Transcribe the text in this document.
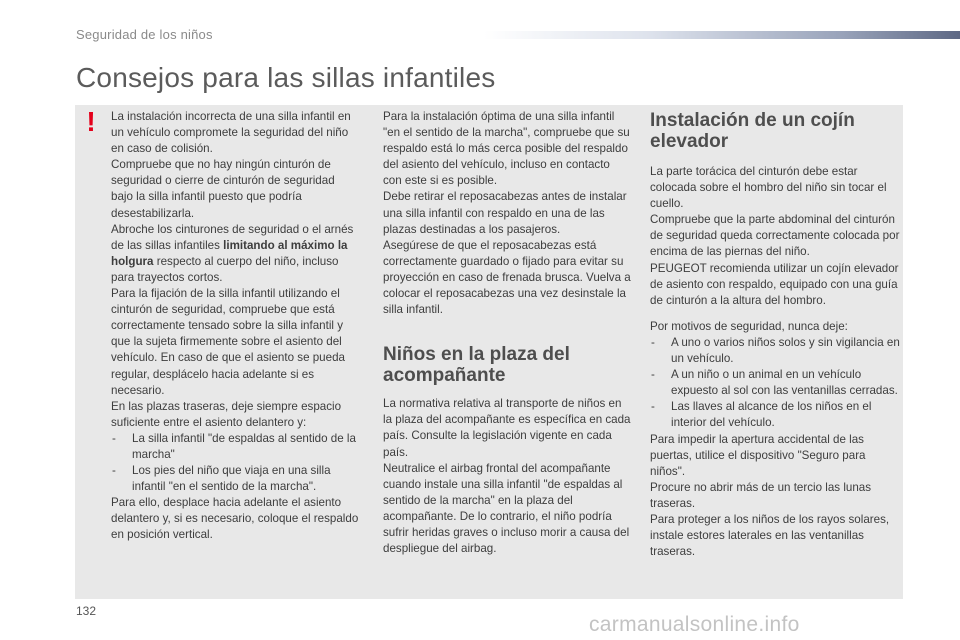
Seguridad de los niños
Consejos para las sillas infantiles
! La instalación incorrecta de una silla infantil en un vehículo compromete la seguridad del niño en caso de colisión.

Compruebe que no hay ningún cinturón de seguridad o cierre de cinturón de seguridad bajo la silla infantil puesto que podría desestabilizarla.

Abroche los cinturones de seguridad o el arnés de las sillas infantiles limitando al máximo la holgura respecto al cuerpo del niño, incluso para trayectos cortos.

Para la fijación de la silla infantil utilizando el cinturón de seguridad, compruebe que está correctamente tensado sobre la silla infantil y que la sujeta firmemente sobre el asiento del vehículo. En caso de que el asiento se pueda regular, desplácelo hacia adelante si es necesario.

En las plazas traseras, deje siempre espacio suficiente entre el asiento delantero y:

- La silla infantil "de espaldas al sentido de la marcha"
- Los pies del niño que viaja en una silla infantil "en el sentido de la marcha".

Para ello, desplace hacia adelante el asiento delantero y, si es necesario, coloque el respaldo en posición vertical.

Para la instalación óptima de una silla infantil "en el sentido de la marcha", compruebe que su respaldo está lo más cerca posible del respaldo del asiento del vehículo, incluso en contacto con este si es posible.

Debe retirar el reposacabezas antes de instalar una silla infantil con respaldo en una de las plazas destinadas a los pasajeros.

Asegúrese de que el reposacabezas está correctamente guardado o fijado para evitar su proyección en caso de frenada brusca. Vuelva a colocar el reposacabezas una vez desinstale la silla infantil.

Niños en la plaza del acompañante

La normativa relativa al transporte de niños en la plaza del acompañante es específica en cada país. Consulte la legislación vigente en cada país.

Neutralice el airbag frontal del acompañante cuando instale una silla infantil "de espaldas al sentido de la marcha" en la plaza del acompañante. De lo contrario, el niño podría sufrir heridas graves o incluso morir a causa del despliegue del airbag.

Instalación de un cojín elevador

La parte torácica del cinturón debe estar colocada sobre el hombro del niño sin tocar el cuello.

Compruebe que la parte abdominal del cinturón de seguridad queda correctamente colocada por encima de las piernas del niño.

PEUGEOT recomienda utilizar un cojín elevador de asiento con respaldo, equipado con una guía de cinturón a la altura del hombro.

Por motivos de seguridad, nunca deje:

- A uno o varios niños solos y sin vigilancia en un vehículo.
- A un niño o un animal en un vehículo expuesto al sol con las ventanillas cerradas.
- Las llaves al alcance de los niños en el interior del vehículo.

Para impedir la apertura accidental de las puertas, utilice el dispositivo "Seguro para niños".

Procure no abrir más de un tercio las lunas traseras.

Para proteger a los niños de los rayos solares, instale estores laterales en las ventanillas traseras.

132
carmanualsonline.info
